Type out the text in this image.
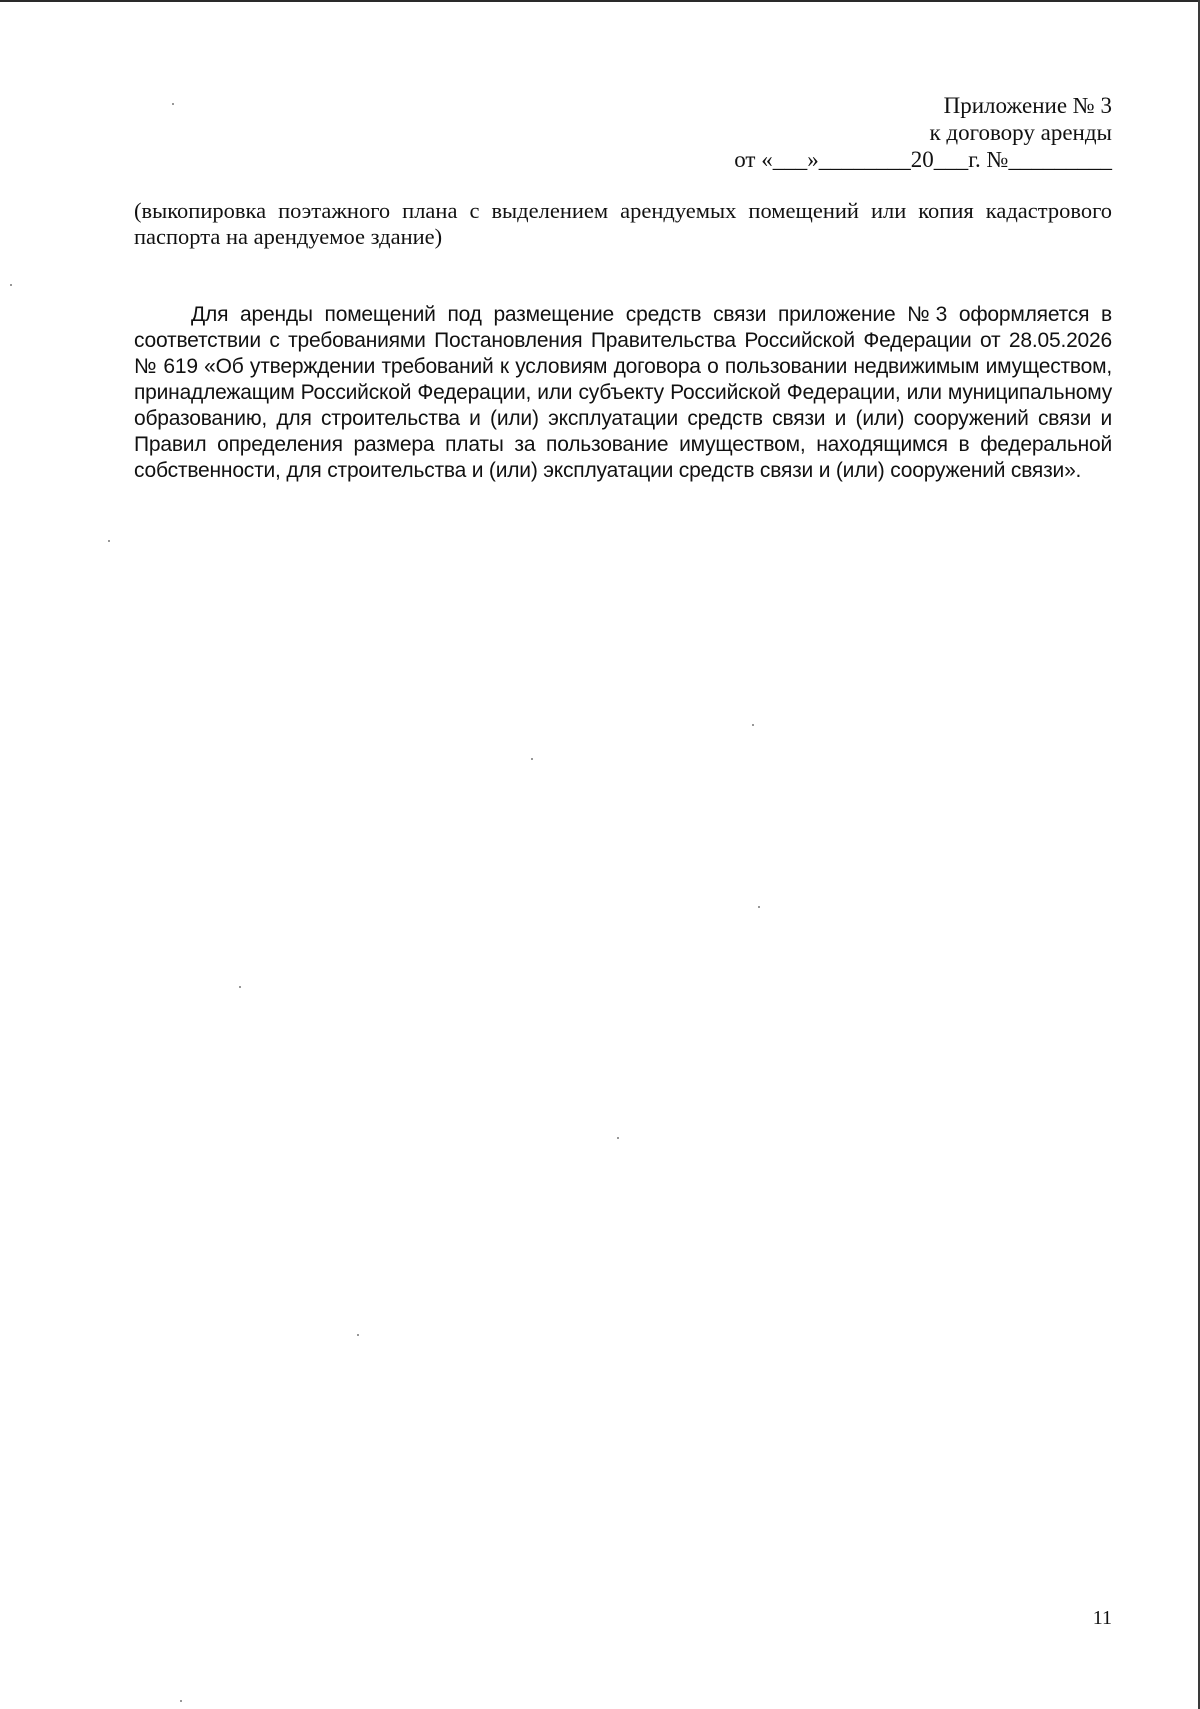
Приложение № 3
к договору аренды
от «___»________20___г. №_________
(выкопировка поэтажного плана с выделением арендуемых помещений или копия кадастрового паспорта на арендуемое здание)
Для аренды помещений под размещение средств связи приложение №3 оформляется в соответствии с требованиями Постановления Правительства Российской Федерации от 28.05.2026 № 619 «Об утверждении требований к условиям договора о пользовании недвижимым имуществом, принадлежащим Российской Федерации, или субъекту Российской Федерации, или муниципальному образованию, для строительства и (или) эксплуатации средств связи и (или) сооружений связи и Правил определения размера платы за пользование имуществом, находящимся в федеральной собственности, для строительства и (или) эксплуатации средств связи и (или) сооружений связи».
11
